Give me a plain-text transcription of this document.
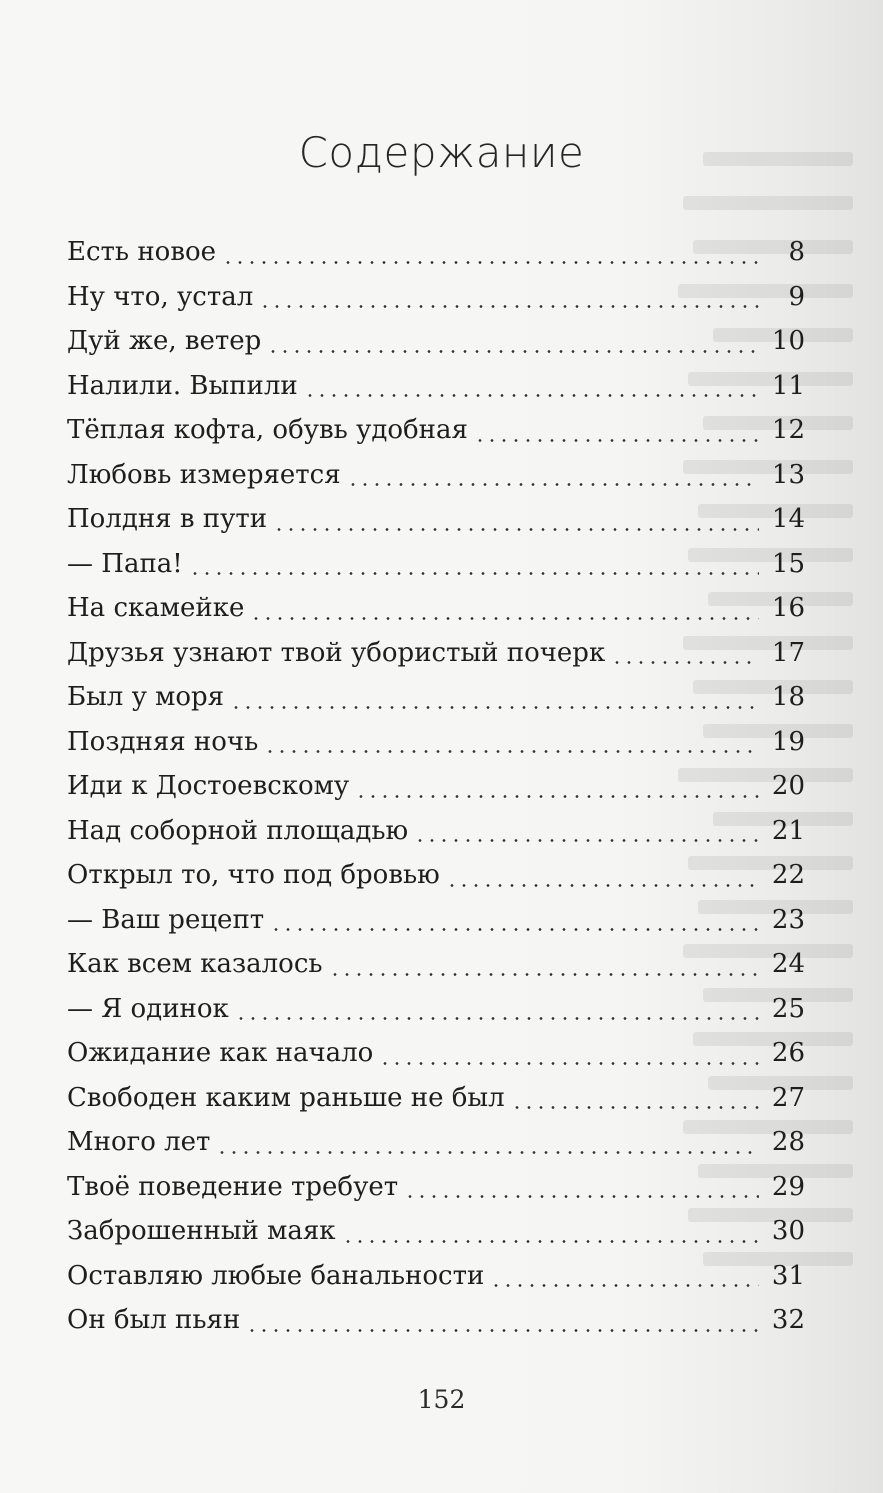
Содержание
Есть новое	8
Ну что, устал	9
Дуй же, ветер	10
Налили. Выпили	11
Тёплая кофта, обувь удобная	12
Любовь измеряется	13
Полдня в пути	14
— Папа!	15
На скамейке	16
Друзья узнают твой убористый почерк	17
Был у моря	18
Поздняя ночь	19
Иди к Достоевскому	20
Над соборной площадью	21
Открыл то, что под бровью	22
— Ваш рецепт	23
Как всем казалось	24
— Я одинок	25
Ожидание как начало	26
Свободен каким раньше не был	27
Много лет	28
Твоё поведение требует	29
Заброшенный маяк	30
Оставляю любые банальности	31
Он был пьян	32
152
